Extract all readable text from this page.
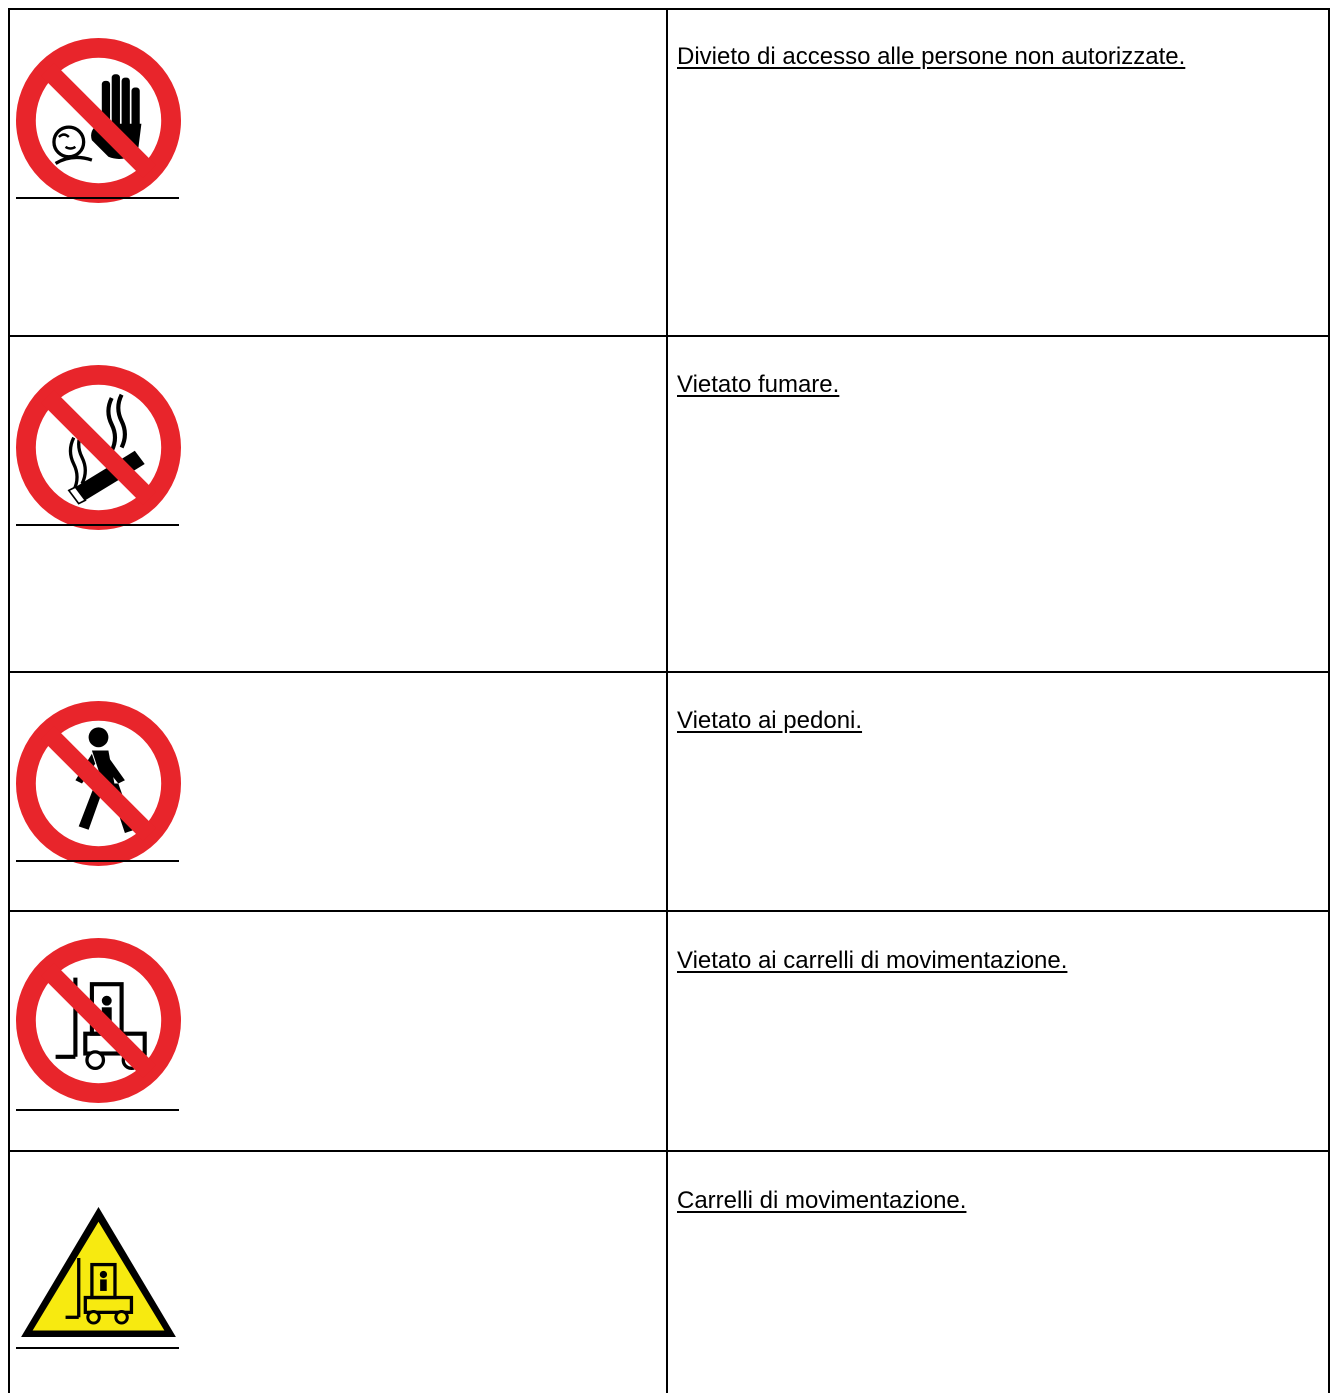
Divieto di accesso alle persone non autorizzate.
Vietato fumare.
Vietato ai pedoni.
Vietato ai carrelli di movimentazione.
Carrelli di movimentazione.
